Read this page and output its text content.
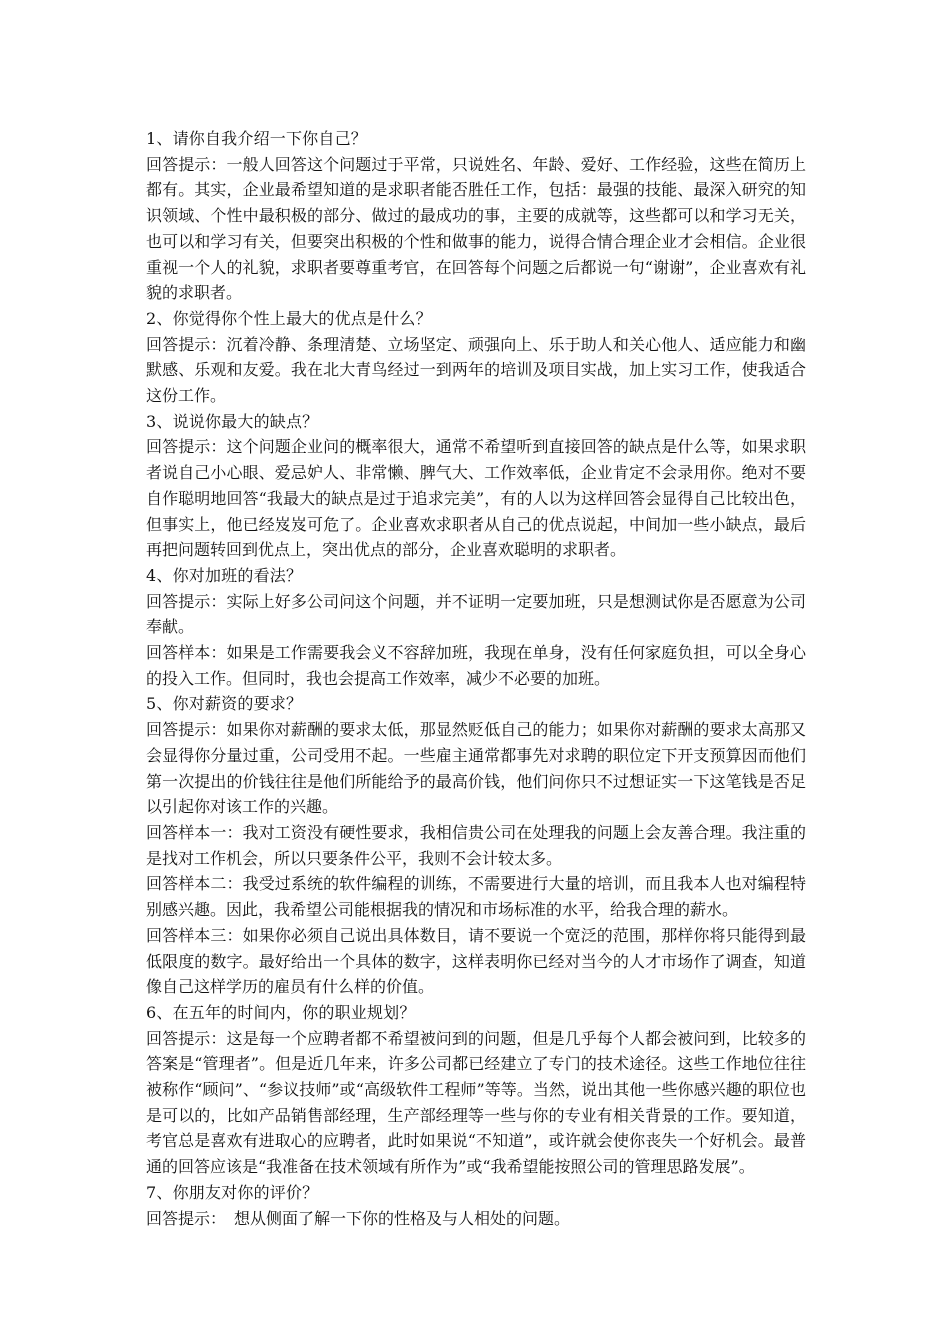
1、请你自我介绍一下你自己？

回答提示：一般人回答这个问题过于平常，只说姓名、年龄、爱好、工作经验，这些在简历上都有。其实，企业最希望知道的是求职者能否胜任工作，包括：最强的技能、最深入研究的知识领域、个性中最积极的部分、做过的最成功的事，主要的成就等，这些都可以和学习无关，也可以和学习有关，但要突出积极的个性和做事的能力，说得合情合理企业才会相信。企业很重视一个人的礼貌，求职者要尊重考官，在回答每个问题之后都说一句“谢谢”，企业喜欢有礼貌的求职者。

2、你觉得你个性上最大的优点是什么？

回答提示：沉着冷静、条理清楚、立场坚定、顽强向上、乐于助人和关心他人、适应能力和幽默感、乐观和友爱。我在北大青鸟经过一到两年的培训及项目实战，加上实习工作，使我适合这份工作。

3、说说你最大的缺点？

回答提示：这个问题企业问的概率很大，通常不希望听到直接回答的缺点是什么等，如果求职者说自己小心眼、爱忌妒人、非常懒、脾气大、工作效率低，企业肯定不会录用你。绝对不要自作聪明地回答“我最大的缺点是过于追求完美”，有的人以为这样回答会显得自己比较出色，但事实上，他已经岌岌可危了。企业喜欢求职者从自己的优点说起，中间加一些小缺点，最后再把问题转回到优点上，突出优点的部分，企业喜欢聪明的求职者。

4、你对加班的看法？

回答提示：实际上好多公司问这个问题，并不证明一定要加班，只是想测试你是否愿意为公司奉献。

回答样本：如果是工作需要我会义不容辞加班，我现在单身，没有任何家庭负担，可以全身心的投入工作。但同时，我也会提高工作效率，减少不必要的加班。

5、你对薪资的要求？

回答提示：如果你对薪酬的要求太低，那显然贬低自己的能力；如果你对薪酬的要求太高那又会显得你分量过重，公司受用不起。一些雇主通常都事先对求聘的职位定下开支预算因而他们第一次提出的价钱往往是他们所能给予的最高价钱，他们问你只不过想证实一下这笔钱是否足以引起你对该工作的兴趣。

回答样本一：我对工资没有硬性要求，我相信贵公司在处理我的问题上会友善合理。我注重的是找对工作机会，所以只要条件公平，我则不会计较太多。

回答样本二：我受过系统的软件编程的训练，不需要进行大量的培训，而且我本人也对编程特别感兴趣。因此，我希望公司能根据我的情况和市场标准的水平，给我合理的薪水。

回答样本三：如果你必须自己说出具体数目，请不要说一个宽泛的范围，那样你将只能得到最低限度的数字。最好给出一个具体的数字，这样表明你已经对当今的人才市场作了调查，知道像自己这样学历的雇员有什么样的价值。

6、在五年的时间内，你的职业规划？

回答提示：这是每一个应聘者都不希望被问到的问题，但是几乎每个人都会被问到，比较多的答案是“管理者”。但是近几年来，许多公司都已经建立了专门的技术途径。这些工作地位往往被称作“顾问”、“参议技师”或“高级软件工程师”等等。当然，说出其他一些你感兴趣的职位也是可以的，比如产品销售部经理，生产部经理等一些与你的专业有相关背景的工作。要知道，考官总是喜欢有进取心的应聘者，此时如果说“不知道”，或许就会使你丧失一个好机会。最普通的回答应该是“我准备在技术领域有所作为”或“我希望能按照公司的管理思路发展”。

7、你朋友对你的评价？

回答提示：　想从侧面了解一下你的性格及与人相处的问题。
